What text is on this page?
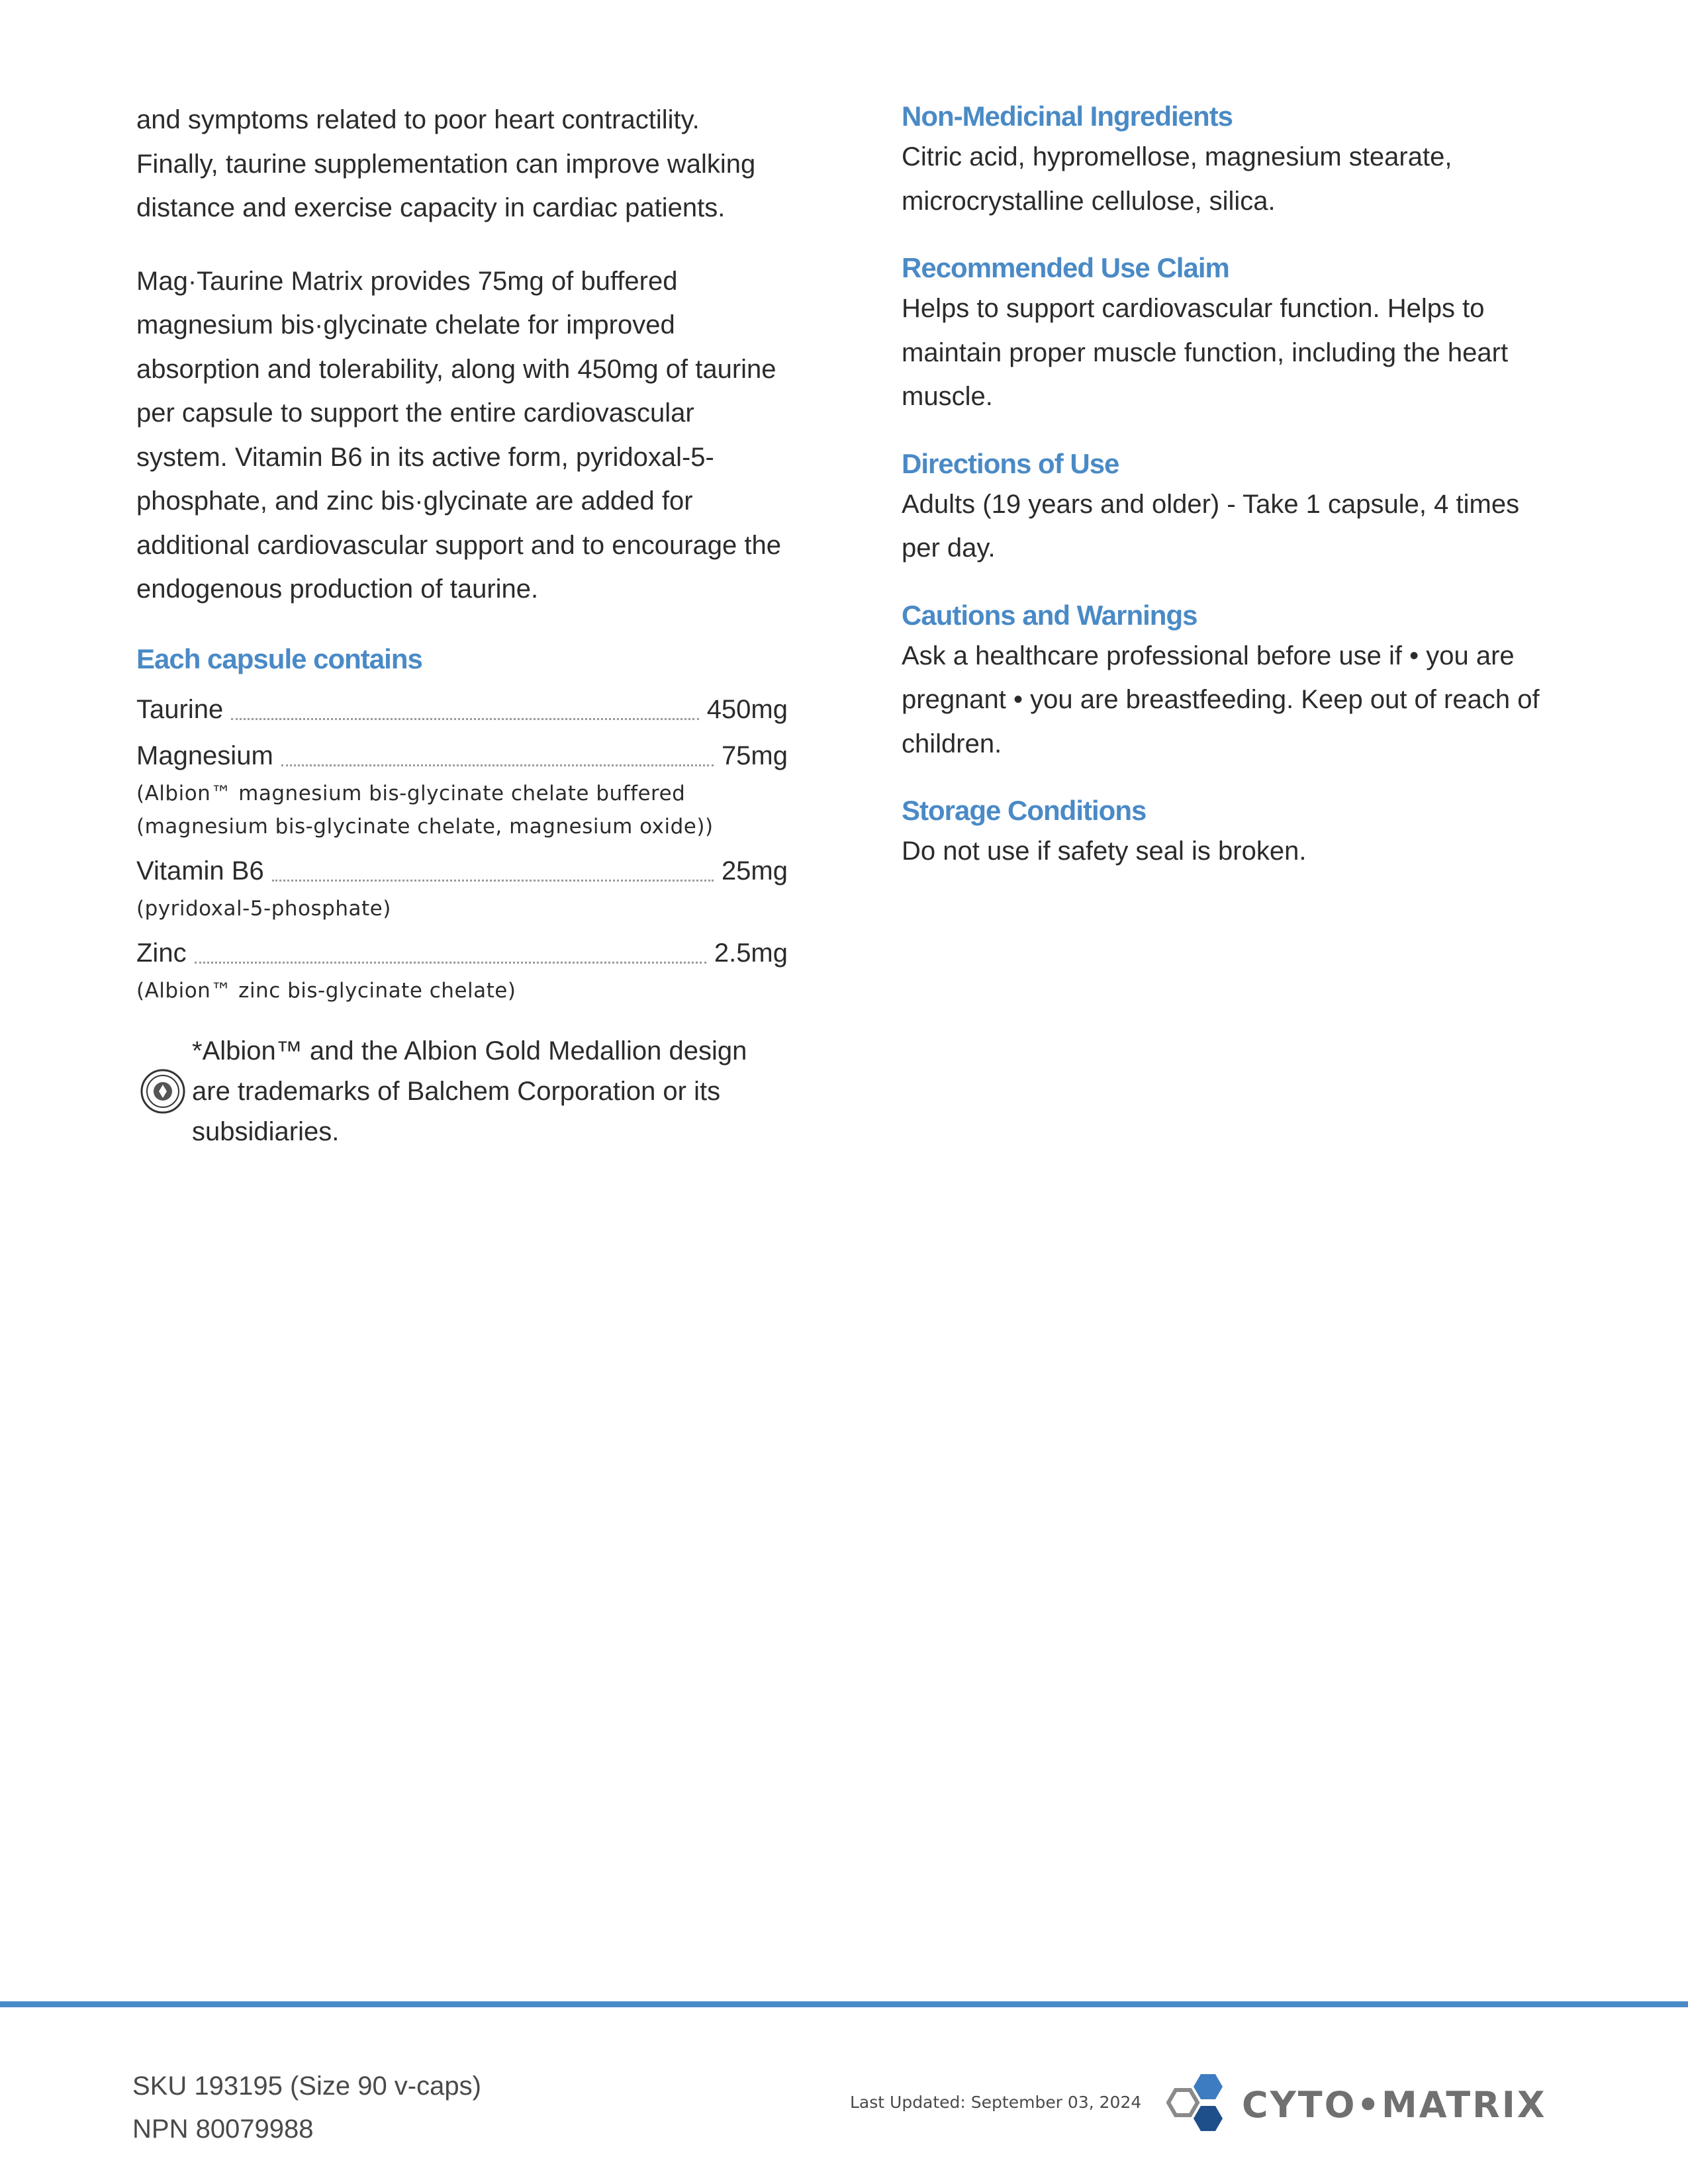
and symptoms related to poor heart contractility. Finally, taurine supplementation can improve walking distance and exercise capacity in cardiac patients.

Mag·Taurine Matrix provides 75mg of buffered magnesium bis·glycinate chelate for improved absorption and tolerability, along with 450mg of taurine per capsule to support the entire cardiovascular system. Vitamin B6 in its active form, pyridoxal-5-phosphate, and zinc bis·glycinate are added for additional cardiovascular support and to encourage the endogenous production of taurine.

Each capsule contains
Taurine	450mg
Magnesium	75mg

(Albion™ magnesium bis-glycinate chelate buffered (magnesium bis-glycinate chelate, magnesium oxide))

Vitamin B6	25mg

(pyridoxal-5-phosphate)

Zinc	2.5mg

(Albion™ zinc bis-glycinate chelate)

*Albion™ and the Albion Gold Medallion design are trademarks of Balchem Corporation or its subsidiaries.
Non-Medicinal Ingredients

Citric acid, hypromellose, magnesium stearate, microcrystalline cellulose, silica.

Recommended Use Claim

Helps to support cardiovascular function. Helps to maintain proper muscle function, including the heart muscle.

Directions of Use

Adults (19 years and older) - Take 1 capsule, 4 times per day.

Cautions and Warnings

Ask a healthcare professional before use if • you are pregnant • you are breastfeeding. Keep out of reach of children.

Storage Conditions

Do not use if safety seal is broken.

SKU 193195 (Size 90 v-caps)
NPN 80079988
Last Updated: September 03, 2024	CYTO•MATRIX
